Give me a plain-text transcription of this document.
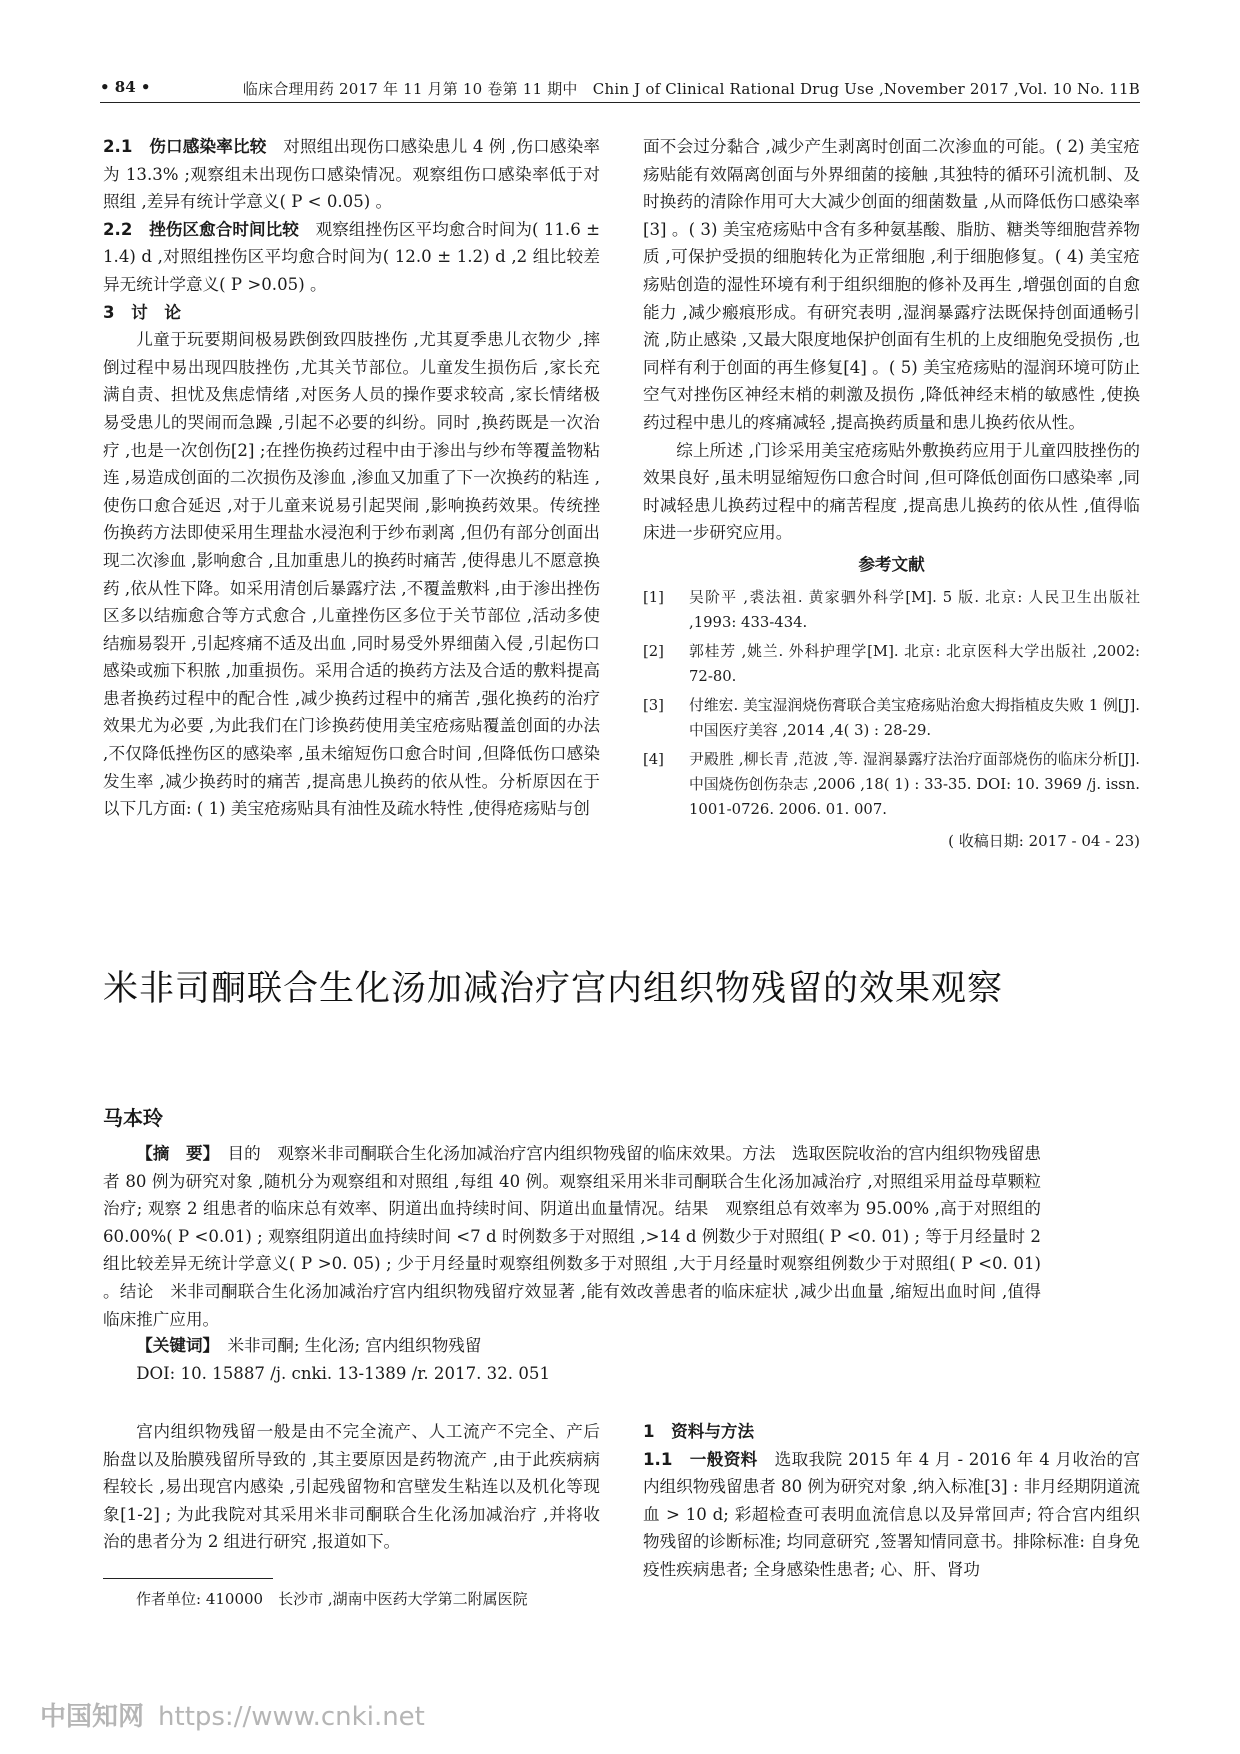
• 84 •	临床合理用药 2017 年 11 月第 10 卷第 11 期中　Chin J of Clinical Rational Drug Use ,November 2017 ,Vol. 10 No. 11B

2.1　伤口感染率比较　对照组出现伤口感染患儿 4 例 ,伤口感染率为 13.3% ;观察组未出现伤口感染情况。观察组伤口感染率低于对照组 ,差异有统计学意义( P < 0.05) 。

2.2　挫伤区愈合时间比较　观察组挫伤区平均愈合时间为( 11.6 ± 1.4) d ,对照组挫伤区平均愈合时间为( 12.0 ± 1.2) d ,2 组比较差异无统计学意义( P >0.05) 。

3　讨　论

儿童于玩要期间极易跌倒致四肢挫伤 ,尤其夏季患儿衣物少 ,摔倒过程中易出现四肢挫伤 ,尤其关节部位。儿童发生损伤后 ,家长充满自责、担忧及焦虑情绪 ,对医务人员的操作要求较高 ,家长情绪极易受患儿的哭闹而急躁 ,引起不必要的纠纷。同时 ,换药既是一次治疗 ,也是一次创伤[2] ;在挫伤换药过程中由于渗出与纱布等覆盖物粘连 ,易造成创面的二次损伤及渗血 ,渗血又加重了下一次换药的粘连 ,使伤口愈合延迟 ,对于儿童来说易引起哭闹 ,影响换药效果。传统挫伤换药方法即使采用生理盐水浸泡利于纱布剥离 ,但仍有部分创面出现二次渗血 ,影响愈合 ,且加重患儿的换药时痛苦 ,使得患儿不愿意换药 ,依从性下降。如采用清创后暴露疗法 ,不覆盖敷料 ,由于渗出挫伤区多以结痂愈合等方式愈合 ,儿童挫伤区多位于关节部位 ,活动多使结痂易裂开 ,引起疼痛不适及出血 ,同时易受外界细菌入侵 ,引起伤口感染或痂下积脓 ,加重损伤。采用合适的换药方法及合适的敷料提高患者换药过程中的配合性 ,减少换药过程中的痛苦 ,强化换药的治疗效果尤为必要 ,为此我们在门诊换药使用美宝疮疡贴覆盖创面的办法 ,不仅降低挫伤区的感染率 ,虽未缩短伤口愈合时间 ,但降低伤口感染发生率 ,减少换药时的痛苦 ,提高患儿换药的依从性。分析原因在于以下几方面: ( 1) 美宝疮疡贴具有油性及疏水特性 ,使得疮疡贴与创

面不会过分黏合 ,减少产生剥离时创面二次渗血的可能。( 2) 美宝疮疡贴能有效隔离创面与外界细菌的接触 ,其独特的循环引流机制、及时换药的清除作用可大大减少创面的细菌数量 ,从而降低伤口感染率[3] 。( 3) 美宝疮疡贴中含有多种氨基酸、脂肪、糖类等细胞营养物质 ,可保护受损的细胞转化为正常细胞 ,利于细胞修复。( 4) 美宝疮疡贴创造的湿性环境有利于组织细胞的修补及再生 ,增强创面的自愈能力 ,减少瘢痕形成。有研究表明 ,湿润暴露疗法既保持创面通畅引流 ,防止感染 ,又最大限度地保护创面有生机的上皮细胞免受损伤 ,也同样有利于创面的再生修复[4] 。( 5) 美宝疮疡贴的湿润环境可防止空气对挫伤区神经末梢的刺激及损伤 ,降低神经末梢的敏感性 ,使换药过程中患儿的疼痛减轻 ,提高换药质量和患儿换药依从性。

综上所述 ,门诊采用美宝疮疡贴外敷换药应用于儿童四肢挫伤的效果良好 ,虽未明显缩短伤口愈合时间 ,但可降低创面伤口感染率 ,同时减轻患儿换药过程中的痛苦程度 ,提高患儿换药的依从性 ,值得临床进一步研究应用。

参考文献

[1]	吴阶平 ,裘法祖. 黄家驷外科学[M]. 5 版. 北京: 人民卫生出版社 ,1993: 433-434.
[2]	郭桂芳 ,姚兰. 外科护理学[M]. 北京: 北京医科大学出版社 ,2002: 72-80.
[3]	付维宏. 美宝湿润烧伤膏联合美宝疮疡贴治愈大拇指植皮失败 1 例[J]. 中国医疗美容 ,2014 ,4( 3) : 28-29.
[4]	尹殿胜 ,柳长青 ,范波 ,等. 湿润暴露疗法治疗面部烧伤的临床分析[J]. 中国烧伤创伤杂志 ,2006 ,18( 1) : 33-35. DOI: 10. 3969 /j. issn. 1001-0726. 2006. 01. 007.

( 收稿日期: 2017 - 04 - 23)

米非司酮联合生化汤加减治疗宫内组织物残留的效果观察
马本玲

【摘　要】　 目的　观察米非司酮联合生化汤加减治疗宫内组织物残留的临床效果。方法　选取医院收治的宫内组织物残留患者 80 例为研究对象 ,随机分为观察组和对照组 ,每组 40 例。观察组采用米非司酮联合生化汤加减治疗 ,对照组采用益母草颗粒治疗; 观察 2 组患者的临床总有效率、阴道出血持续时间、阴道出血量情况。结果　观察组总有效率为 95.00% ,高于对照组的 60.00%( P <0.01) ; 观察组阴道出血持续时间 <7 d 时例数多于对照组 ,>14 d 例数少于对照组( P <0. 01) ; 等于月经量时 2 组比较差异无统计学意义( P >0. 05) ; 少于月经量时观察组例数多于对照组 ,大于月经量时观察组例数少于对照组( P <0. 01) 。结论　米非司酮联合生化汤加减治疗宫内组织物残留疗效显著 ,能有效改善患者的临床症状 ,减少出血量 ,缩短出血时间 ,值得临床推广应用。

【关键词】　 米非司酮; 生化汤; 宫内组织物残留

DOI: 10. 15887 /j. cnki. 13-1389 /r. 2017. 32. 051

宫内组织物残留一般是由不完全流产、人工流产不完全、产后胎盘以及胎膜残留所导致的 ,其主要原因是药物流产 ,由于此疾病病程较长 ,易出现宫内感染 ,引起残留物和宫壁发生粘连以及机化等现象[1-2] ; 为此我院对其采用米非司酮联合生化汤加减治疗 ,并将收治的患者分为 2 组进行研究 ,报道如下。

1　资料与方法

1.1　一般资料　选取我院 2015 年 4 月 - 2016 年 4 月收治的宫内组织物残留患者 80 例为研究对象 ,纳入标准[3] : 非月经期阴道流血 > 10 d; 彩超检查可表明血流信息以及异常回声; 符合宫内组织物残留的诊断标准; 均同意研究 ,签署知情同意书。排除标准: 自身免疫性疾病患者; 全身感染性患者; 心、肝、肾功

作者单位: 410000　长沙市 ,湖南中医药大学第二附属医院
中国知网 https://www.cnki.net
